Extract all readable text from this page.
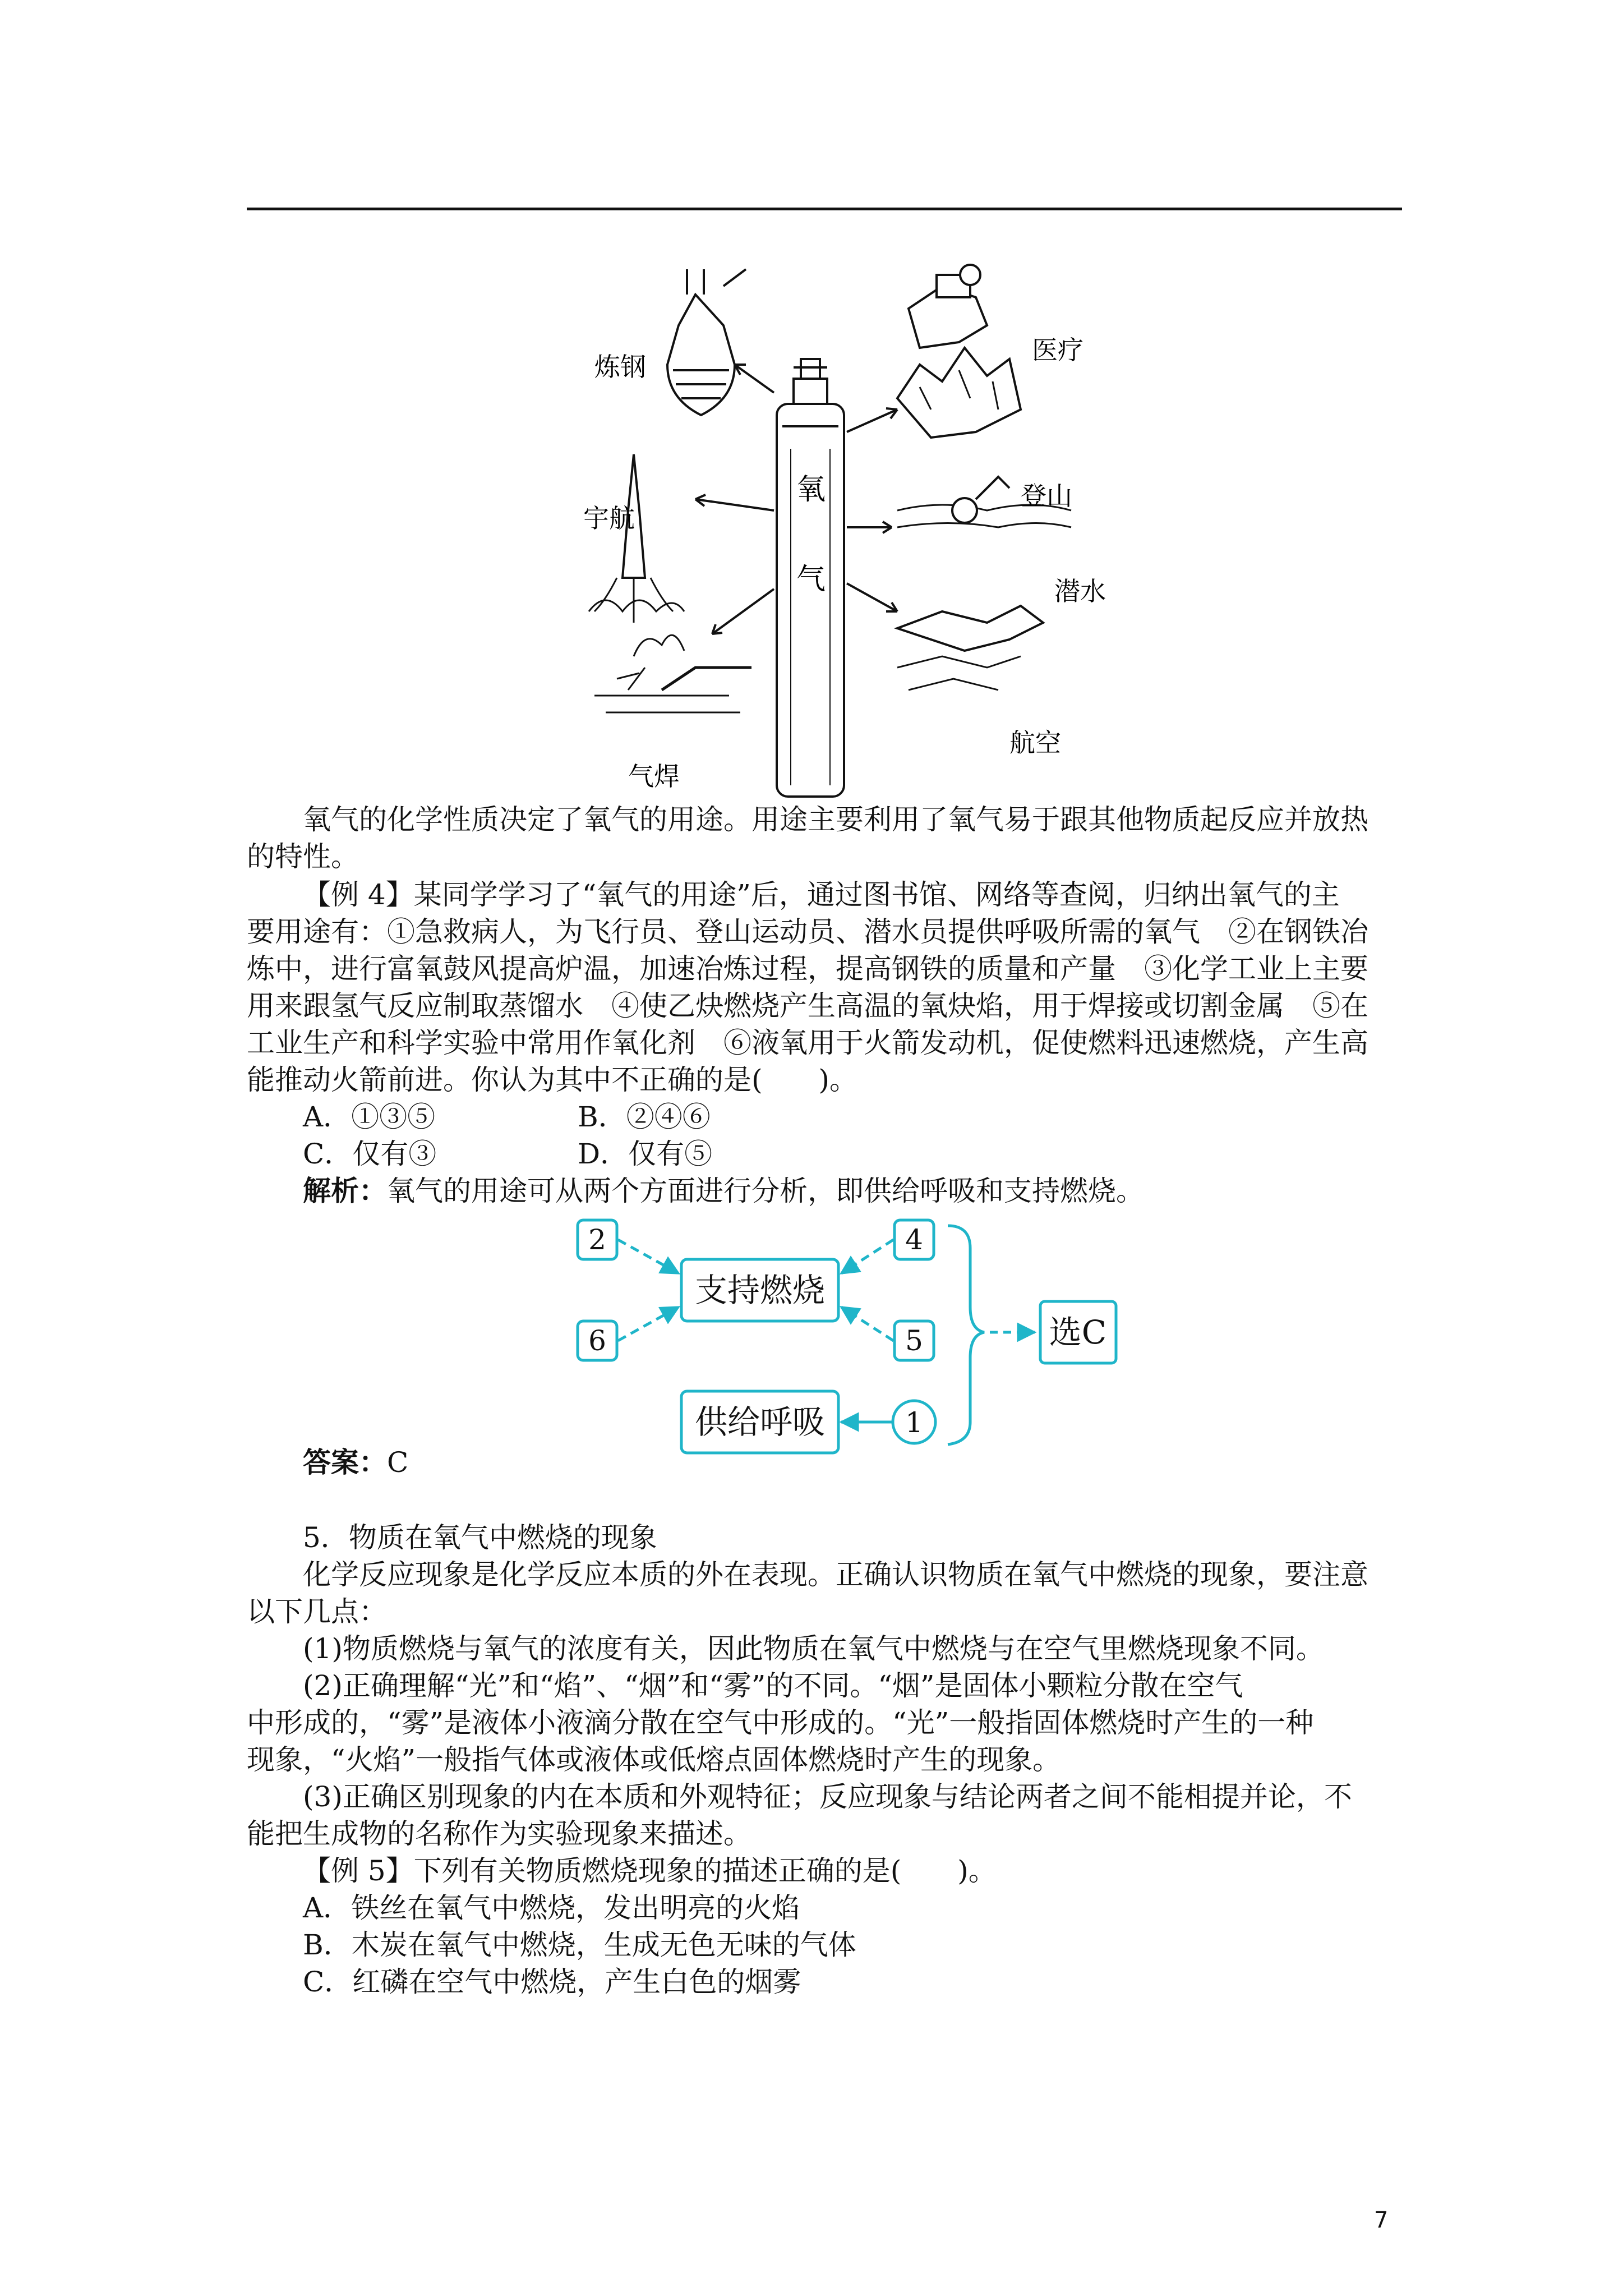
氧
气
炼钢
医疗
宇航
登山
潜水
气焊
航空
氧气的化学性质决定了氧气的用途。用途主要利用了氧气易于跟其他物质起反应并放热
的特性。
【例 4】某同学学习了“氧气的用途”后，通过图书馆、网络等查阅，归纳出氧气的主
要用途有：①急救病人，为飞行员、登山运动员、潜水员提供呼吸所需的氧气　②在钢铁冶
炼中，进行富氧鼓风提高炉温，加速冶炼过程，提高钢铁的质量和产量　③化学工业上主要
用来跟氢气反应制取蒸馏水　④使乙炔燃烧产生高温的氧炔焰，用于焊接或切割金属　⑤在
工业生产和科学实验中常用作氧化剂　⑥液氧用于火箭发动机，促使燃料迅速燃烧，产生高
能推动火箭前进。你认为其中不正确的是(　　)。
A．①③⑤	B．②④⑥
C．仅有③	D．仅有⑤
解析：氧气的用途可从两个方面进行分析，即供给呼吸和支持燃烧。
2
6
4
5
1
支持燃烧
供给呼吸
选C
答案：C
5．物质在氧气中燃烧的现象
化学反应现象是化学反应本质的外在表现。正确认识物质在氧气中燃烧的现象，要注意
以下几点：
(1)物质燃烧与氧气的浓度有关，因此物质在氧气中燃烧与在空气里燃烧现象不同。
(2)正确理解“光”和“焰”、“烟”和“雾”的不同。“烟”是固体小颗粒分散在空气
中形成的，“雾”是液体小液滴分散在空气中形成的。“光”一般指固体燃烧时产生的一种
现象，“火焰”一般指气体或液体或低熔点固体燃烧时产生的现象。
(3)正确区别现象的内在本质和外观特征；反应现象与结论两者之间不能相提并论，不
能把生成物的名称作为实验现象来描述。
【例 5】下列有关物质燃烧现象的描述正确的是(　　)。
A．铁丝在氧气中燃烧，发出明亮的火焰
B．木炭在氧气中燃烧，生成无色无味的气体
C．红磷在空气中燃烧，产生白色的烟雾
7
